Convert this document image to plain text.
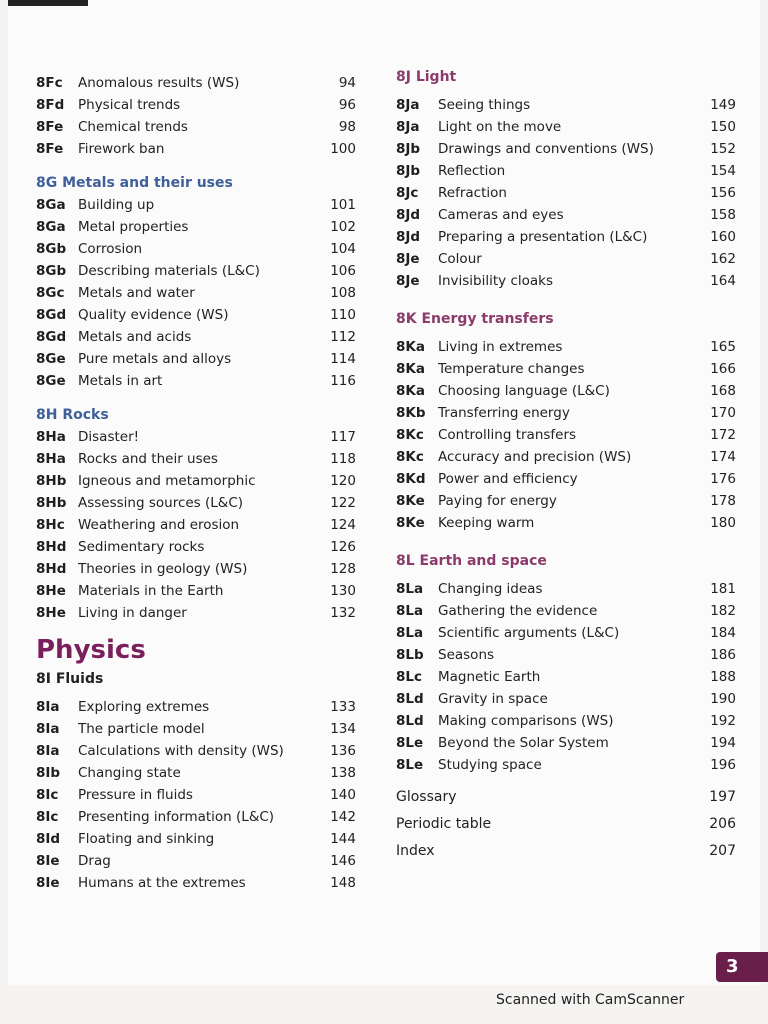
8Fc Anomalous results (WS)	94
8Fd Physical trends	96
8Fe Chemical trends	98
8Fe Firework ban	100
8G Metals and their uses
8Ga Building up	101
8Ga Metal properties	102
8Gb Corrosion	104
8Gb Describing materials (L&C)	106
8Gc Metals and water	108
8Gd Quality evidence (WS)	110
8Gd Metals and acids	112
8Ge Pure metals and alloys	114
8Ge Metals in art	116
8H Rocks
8Ha Disaster!	117
8Ha Rocks and their uses	118
8Hb Igneous and metamorphic	120
8Hb Assessing sources (L&C)	122
8Hc Weathering and erosion	124
8Hd Sedimentary rocks	126
8Hd Theories in geology (WS)	128
8He Materials in the Earth	130
8He Living in danger	132
Physics
8I Fluids
8Ia Exploring extremes	133
8Ia The particle model	134
8Ia Calculations with density (WS)	136
8Ib Changing state	138
8Ic Pressure in fluids	140
8Ic Presenting information (L&C)	142
8Id Floating and sinking	144
8Ie Drag	146
8Ie Humans at the extremes	148
8J Light
8Ja Seeing things	149
8Ja Light on the move	150
8Jb Drawings and conventions (WS)	152
8Jb Reflection	154
8Jc Refraction	156
8Jd Cameras and eyes	158
8Jd Preparing a presentation (L&C)	160
8Je Colour	162
8Je Invisibility cloaks	164
8K Energy transfers
8Ka Living in extremes	165
8Ka Temperature changes	166
8Ka Choosing language (L&C)	168
8Kb Transferring energy	170
8Kc Controlling transfers	172
8Kc Accuracy and precision (WS)	174
8Kd Power and efficiency	176
8Ke Paying for energy	178
8Ke Keeping warm	180
8L Earth and space
8La Changing ideas	181
8La Gathering the evidence	182
8La Scientific arguments (L&C)	184
8Lb Seasons	186
8Lc Magnetic Earth	188
8Ld Gravity in space	190
8Ld Making comparisons (WS)	192
8Le Beyond the Solar System	194
8Le Studying space	196
Glossary	197
Periodic table	206
Index	207
3
Scanned with CamScanner
